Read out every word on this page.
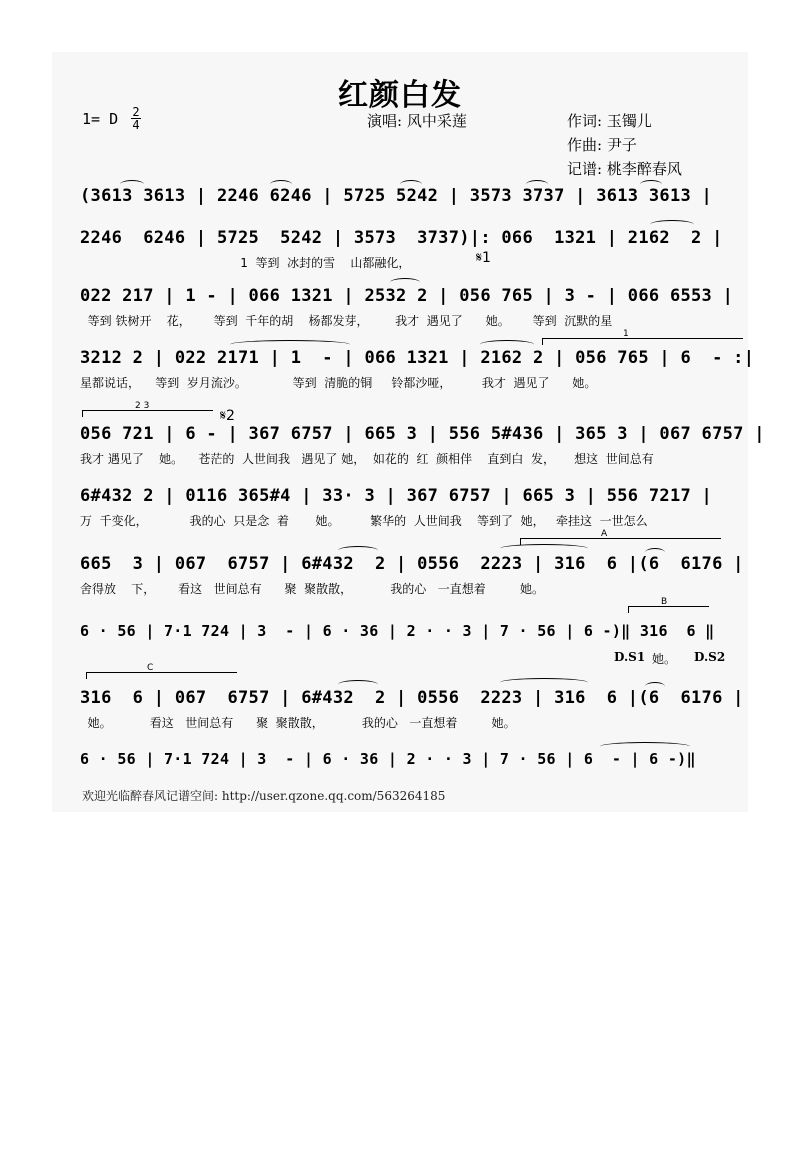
红颜白发
1= D 2
4	演唱: 风中采莲	作词: 玉镯儿
作曲: 尹子
记谱: 桃李醉春风
(3613 3613 | 2246 6246 | 5725 5242 | 3573 3737 | 3613 3613 |
2246  6246 | 5725  5242 | 3573  3737)|: 066  1321 | 2162  2 |
1  等到  冰封的雪    山都融化，	𝄋1
022 217 | 1 - | 066 1321 | 2532 2 | 056 765 | 3 - | 066 6553 |
等到 铁树开    花，      等到  千年的胡    杨都发芽，       我才  遇见了      她。      等到  沉默的星
3212 2 | 022 2171 | 1  - | 066 1321 | 2162 2 | 056 765 | 6  - :|
星都说话，    等到  岁月流沙。            等到  清脆的铜     铃都沙哑，        我才  遇见了      她。
1
056 721 | 6 - | 367 6757 | 665 3 | 556 5#436 | 365 3 | 067 6757 |
我才 遇见了    她。    苍茫的  人世间我   遇见了 她，  如花的  红  颜相伴    直到白  发，     想这  世间总有
2 3
𝄋2
6#432 2 | 0116 365#4 | 33· 3 | 367 6757 | 665 3 | 556 7217 |
万  千变化，           我的心  只是念  着       她。        繁华的  人世间我    等到了  她，   牵挂这  一世怎么
665  3 | 067  6757 | 6#432  2 | 0556  2223 | 316  6 |(6  6176 |
舍得放    下，      看这   世间总有      聚  聚散散，          我的心   一直想着         她。
A
6 · 56 | 7·1 724 | 3  - | 6 · 36 | 2 · · 3 | 7 · 56 | 6 -)‖ 316  6 ‖
B
D.S1 她。 D.S2
316  6 | 067  6757 | 6#432  2 | 0556  2223 | 316  6 |(6  6176 |
她。          看这   世间总有      聚  聚散散，          我的心   一直想着         她。
C
6 · 56 | 7·1 724 | 3  - | 6 · 36 | 2 · · 3 | 7 · 56 | 6  - | 6 -)‖
欢迎光临醉春风记谱空间: http://user.qzone.qq.com/563264185
